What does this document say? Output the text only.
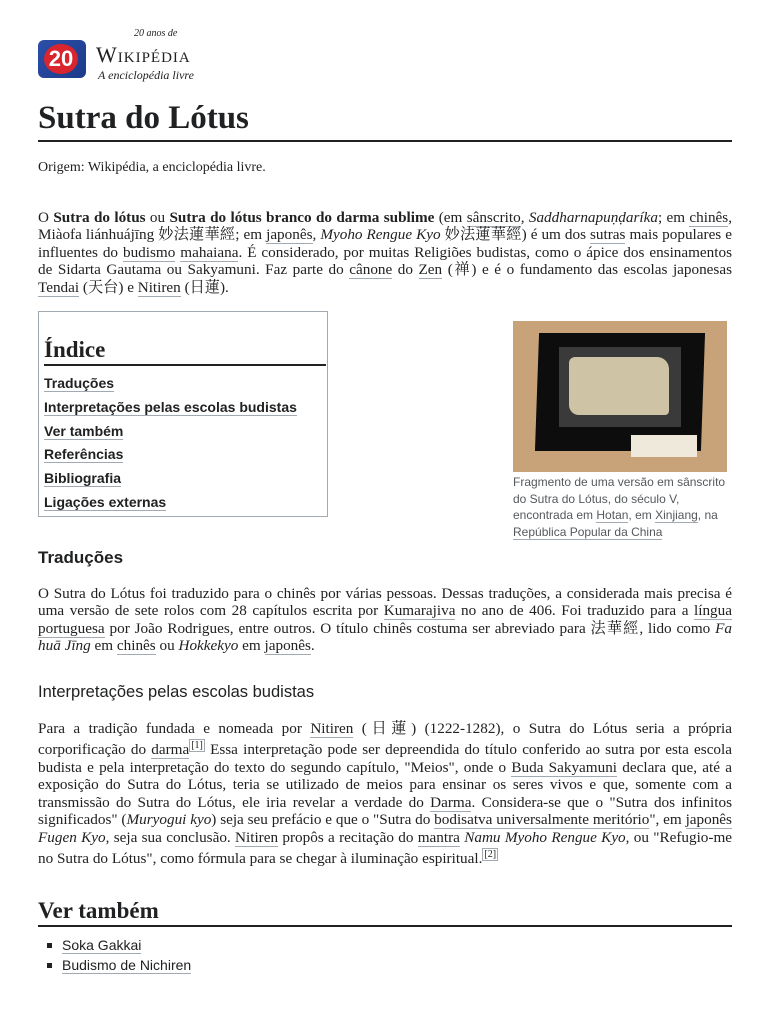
20
20 anos de
Wikipédia
A enciclopédia livre
Sutra do Lótus
Origem: Wikipédia, a enciclopédia livre.

O Sutra do lótus ou Sutra do lótus branco do darma sublime (em sânscrito, Saddharnapuṇḍaríka; em chinês, Miàofa liánhuájīng 妙法蓮華經; em japonês, Myoho Rengue Kyo 妙法蓮華經) é um dos sutras mais populares e influentes do budismo mahaiana. É considerado, por muitas Religiões budistas, como o ápice dos ensinamentos de Sidarta Gautama ou Sakyamuni. Faz parte do cânone do Zen (禅) e é o fundamento das escolas japonesas Tendai (天台) e Nitiren (日蓮).

Índice
Traduções
Interpretações pelas escolas budistas
Ver também
Referências
Bibliografia
Ligações externas
Fragmento de uma versão em sânscrito do Sutra do Lótus, do século V, encontrada em Hotan, em Xinjiang, na República Popular da China
Traduções

O Sutra do Lótus foi traduzido para o chinês por várias pessoas. Dessas traduções, a considerada mais precisa é uma versão de sete rolos com 28 capítulos escrita por Kumarajiva no ano de 406. Foi traduzido para a língua portuguesa por João Rodrigues, entre outros. O título chinês costuma ser abreviado para 法華經, lido como Fa huā Jīng em chinês ou Hokkekyo em japonês.

Interpretações pelas escolas budistas

Para a tradição fundada e nomeada por Nitiren (日蓮) (1222-1282), o Sutra do Lótus seria a própria corporificação do darma [1] Essa interpretação pode ser depreendida do título conferido ao sutra por esta escola budista e pela interpretação do texto do segundo capítulo, "Meios", onde o Buda Sakyamuni declara que, até a exposição do Sutra do Lótus, teria se utilizado de meios para ensinar os seres vivos e que, somente com a transmissão do Sutra do Lótus, ele iria revelar a verdade do Darma. Considera-se que o "Sutra dos infinitos significados" (Muryogui kyo) seja seu prefácio e que o "Sutra do bodisatva universalmente meritório", em japonês Fugen Kyo, seja sua conclusão. Nitiren propôs a recitação do mantra Namu Myoho Rengue Kyo, ou "Refugio-me no Sutra do Lótus", como fórmula para se chegar à iluminação espiritual. [2]

Ver também
Soka Gakkai
Budismo de Nichiren
